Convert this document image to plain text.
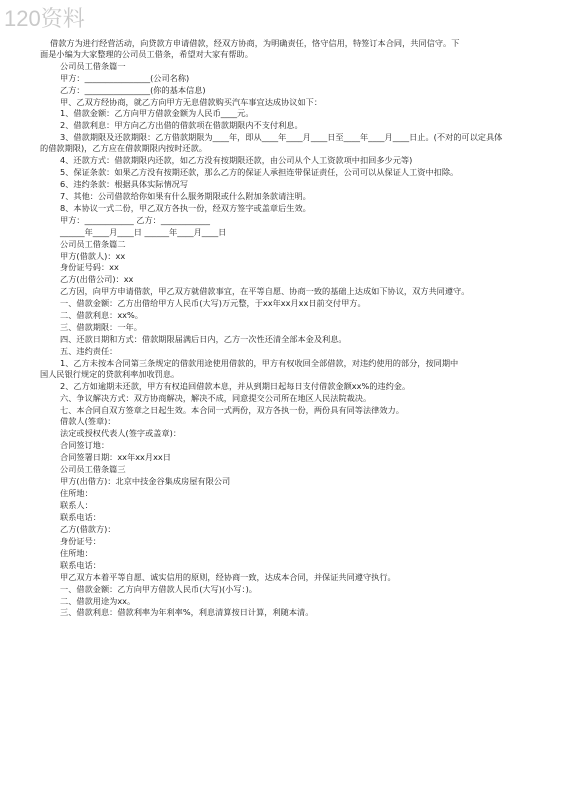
120资料
借款方为进行经营活动，向贷款方申请借款，经双方协商，为明确责任，恪守信用，特签订本合同，共同信守。下
面是小编为大家整理的公司员工借条，希望对大家有帮助。
公司员工借条篇一
甲方：________________(公司名称)
乙方：________________(你的基本信息)
甲、乙双方经协商，就乙方向甲方无息借款购买汽车事宜达成协议如下：
1、借款金额：乙方向甲方借款金额为人民币____元。
2、借款利息：甲方向乙方出借的借款项在借款期限内不支付利息。
3、借款期限及还款期限：乙方借款期限为____年，即从____年____月____日至____年____月____日止。(不对的可以定具体
的借款期限)，乙方应在借款期限内按时还款。
4、还款方式：借款期限内还款，如乙方没有按期限还款，由公司从个人工资款项中扣回多少元等)
5、保证条款：如果乙方没有按期还款，那么乙方的保证人承担连带保证责任，公司可以从保证人工资中扣除。
6、违约条款：根据具体实际情况写
7、其他：公司借款给你如果有什么服务期限或什么附加条款请注明。
8、本协议一式二份，甲乙双方各执一份，经双方签字或盖章后生效。
甲方：____________ 乙方：____________
______年____月____日 ______年____月____日
公司员工借条篇二
甲方(借款人)：xx
身份证号码：xx
乙方(出借公司)：xx
乙方因，向甲方申请借款，甲乙双方就借款事宜，在平等自愿、协商一致的基础上达成如下协议，双方共同遵守。
一、借款金额：乙方出借给甲方人民币(大写)万元整，于xx年xx月xx日前交付甲方。
二、借款利息：xx%。
三、借款期限：一年。
四、还款日期和方式：借款期限届满后日内，乙方一次性还清全部本金及利息。
五、违约责任：
1、乙方未按本合同第三条规定的借款用途使用借款的，甲方有权收回全部借款，对违约使用的部分，按同期中
国人民银行规定的贷款利率加收罚息。
2、乙方如逾期未还款，甲方有权追回借款本息，并从到期日起每日支付借款金额xx%的违约金。
六、争议解决方式：双方协商解决，解决不成，同意提交公司所在地区人民法院裁决。
七、本合同自双方签章之日起生效。本合同一式两份，双方各执一份，两份具有同等法律效力。
借款人(签章)：
法定或授权代表人(签字或盖章)：
合同签订地：
合同签署日期：xx年xx月xx日
公司员工借条篇三
甲方(出借方)：北京中技金谷集成房屋有限公司
住所地：
联系人：
联系电话：
乙方(借款方)：
身份证号：
住所地：
联系电话：
甲乙双方本着平等自愿、诚实信用的原则，经协商一致，达成本合同，并保证共同遵守执行。
一、借款金额：乙方向甲方借款人民币(大写)(小写：)。
二、借款用途为xx。
三、借款利息：借款利率为年利率%，利息清算按日计算，利随本清。
